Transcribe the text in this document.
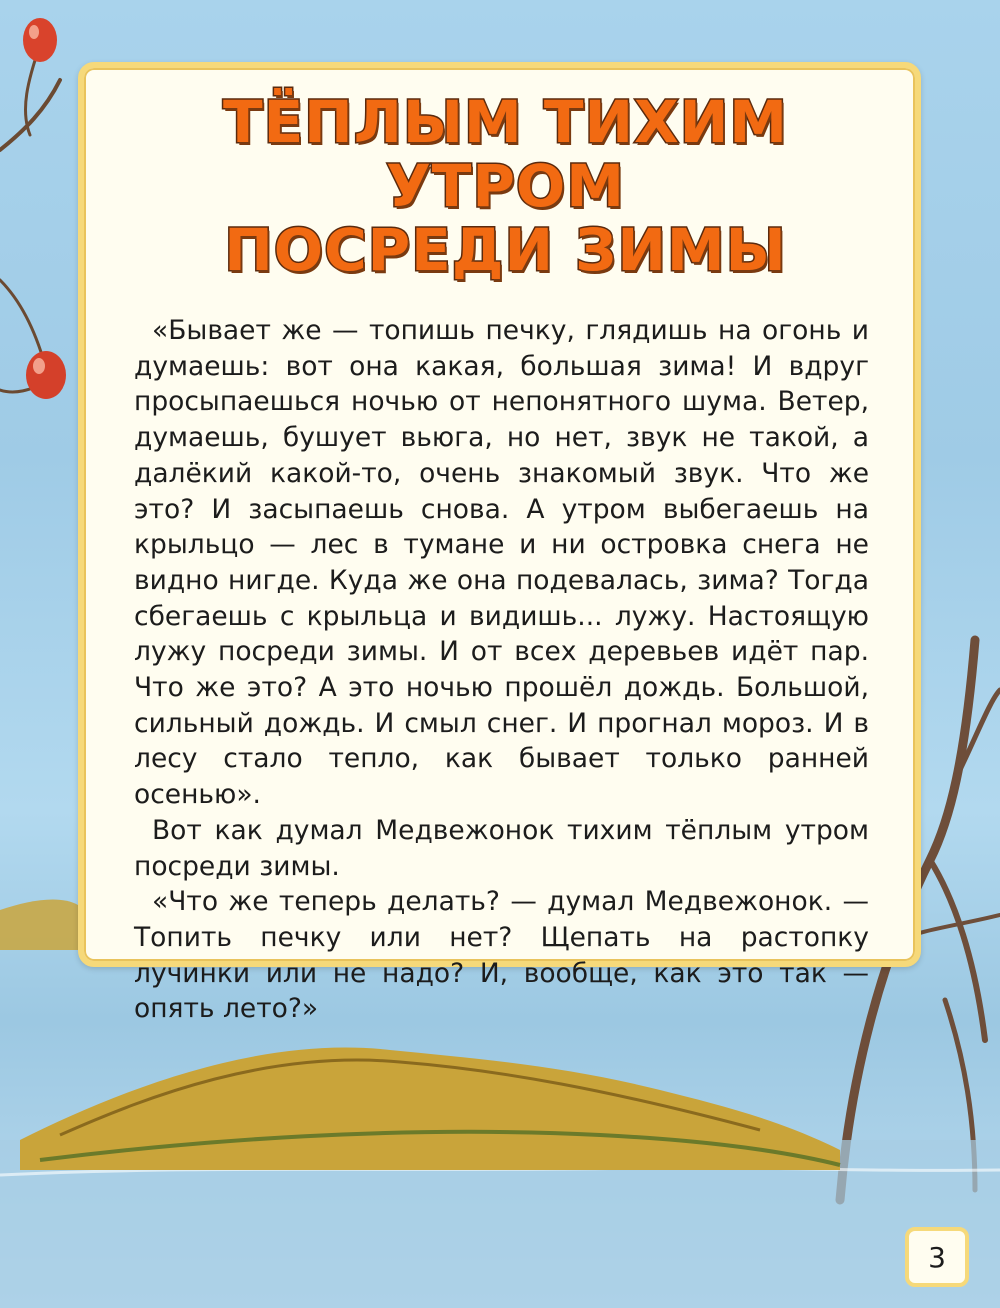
ТЁПЛЫМ ТИХИМ
УТРОМ
ПОСРЕДИ ЗИМЫ

«Бывает же — топишь печку, глядишь на огонь и думаешь: вот она какая, большая зима! И вдруг просыпаешься ночью от непонятного шума. Ветер, думаешь, бушует вьюга, но нет, звук не такой, а далёкий какой-то, очень знакомый звук. Что же это? И засыпаешь снова. А утром выбегаешь на крыльцо — лес в тумане и ни островка снега не видно нигде. Куда же она подевалась, зима? Тогда сбегаешь с крыльца и видишь... лужу. Настоящую лужу посреди зимы. И от всех деревьев идёт пар. Что же это? А это ночью прошёл дождь. Большой, сильный дождь. И смыл снег. И прогнал мороз. И в лесу стало тепло, как бывает только ранней осенью».

Вот как думал Медвежонок тихим тёплым утром посреди зимы.

«Что же теперь делать? — думал Медвежонок. — Топить печку или нет? Щепать на растопку лучинки или не надо? И, вообще, как это так — опять лето?»

3
